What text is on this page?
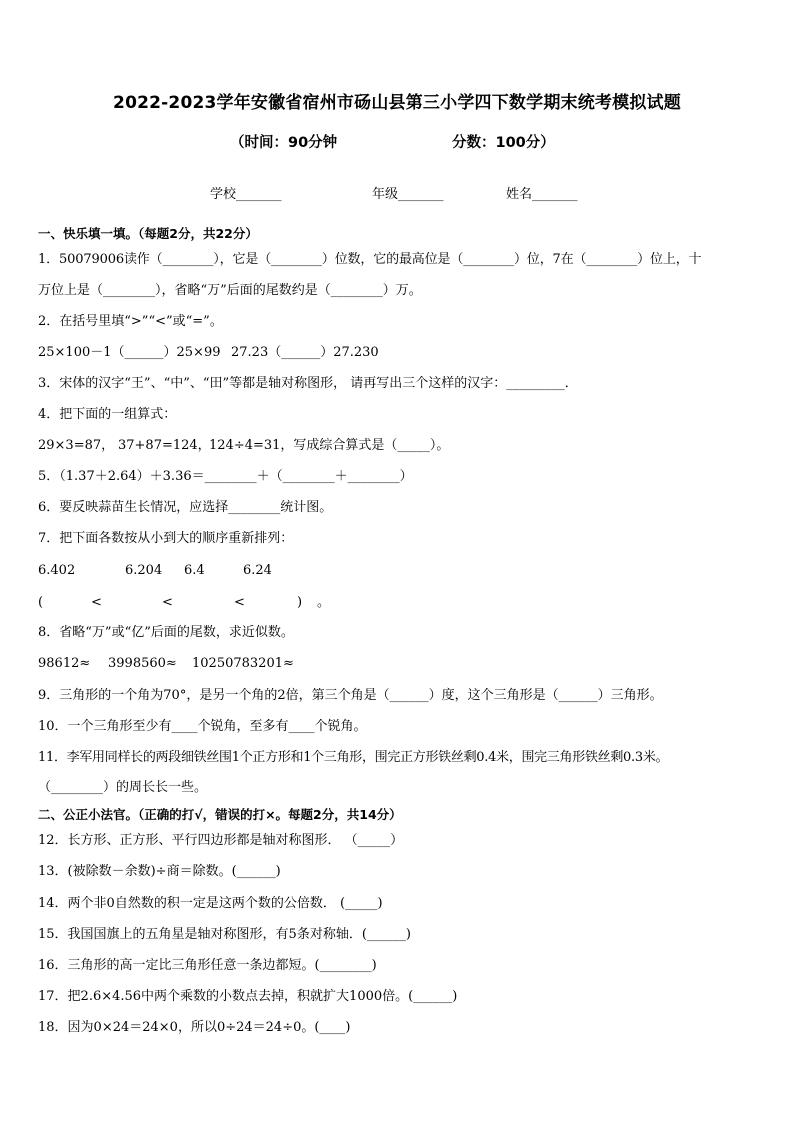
2022-2023学年安徽省宿州市砀山县第三小学四下数学期末统考模拟试题
（时间：90分钟	分数：100分）
学校_______	年级_______	姓名_______
一、快乐填一填。（每题2分，共22分）
1．50079006读作（________），它是（________）位数，它的最高位是（________）位，7在（________）位上，十
万位上是（________），省略“万”后面的尾数约是（________）万。
2．在括号里填“>”“<”或“=”。
25×100－1（______）25×99 27.23（______）27.230
3．宋体的汉字“王”、“中”、“田”等都是轴对称图形， 请再写出三个这样的汉字：_________．
4．把下面的一组算式：
29×3=87， 37+87=124，
124÷4=31，写成综合算式是（_____）。
5．（1.37＋2.64）＋3.36＝________＋（________＋________）
6．要反映蒜苗生长情况，应选择________统计图。
7．把下面各数按从小到大的顺序重新排列：
6.402	6.204 6.4	6.24
(	<	<	<	) 。
8．省略“万”或“亿”后面的尾数，求近似数。
98612≈ 3998560≈ 10250783201≈
9．三角形的一个角为70°，是另一个角的2倍，第三个角是（______）度，这个三角形是（______）三角形。
10．一个三角形至少有____个锐角，至多有____个锐角。
11．李军用同样长的两段细铁丝围1个正方形和1个三角形，围完正方形铁丝剩0.4米，围完三角形铁丝剩0.3米。
（________）的周长长一些。
二、公正小法官。（正确的打√，错误的打×。每题2分，共14分）
12．长方形、正方形、平行四边形都是轴对称图形． （_____）
13．(被除数－余数)÷商＝除数。(______)
14．两个非0自然数的积一定是这两个数的公倍数． (_____)
15．我国国旗上的五角星是轴对称图形，有5条对称轴．(______)
16．三角形的高一定比三角形任意一条边都短。(________)
17．把2.6×4.56中两个乘数的小数点去掉，积就扩大1000倍。(______)
18．因为0×24＝24×0，所以0÷24＝24÷0。(____)
